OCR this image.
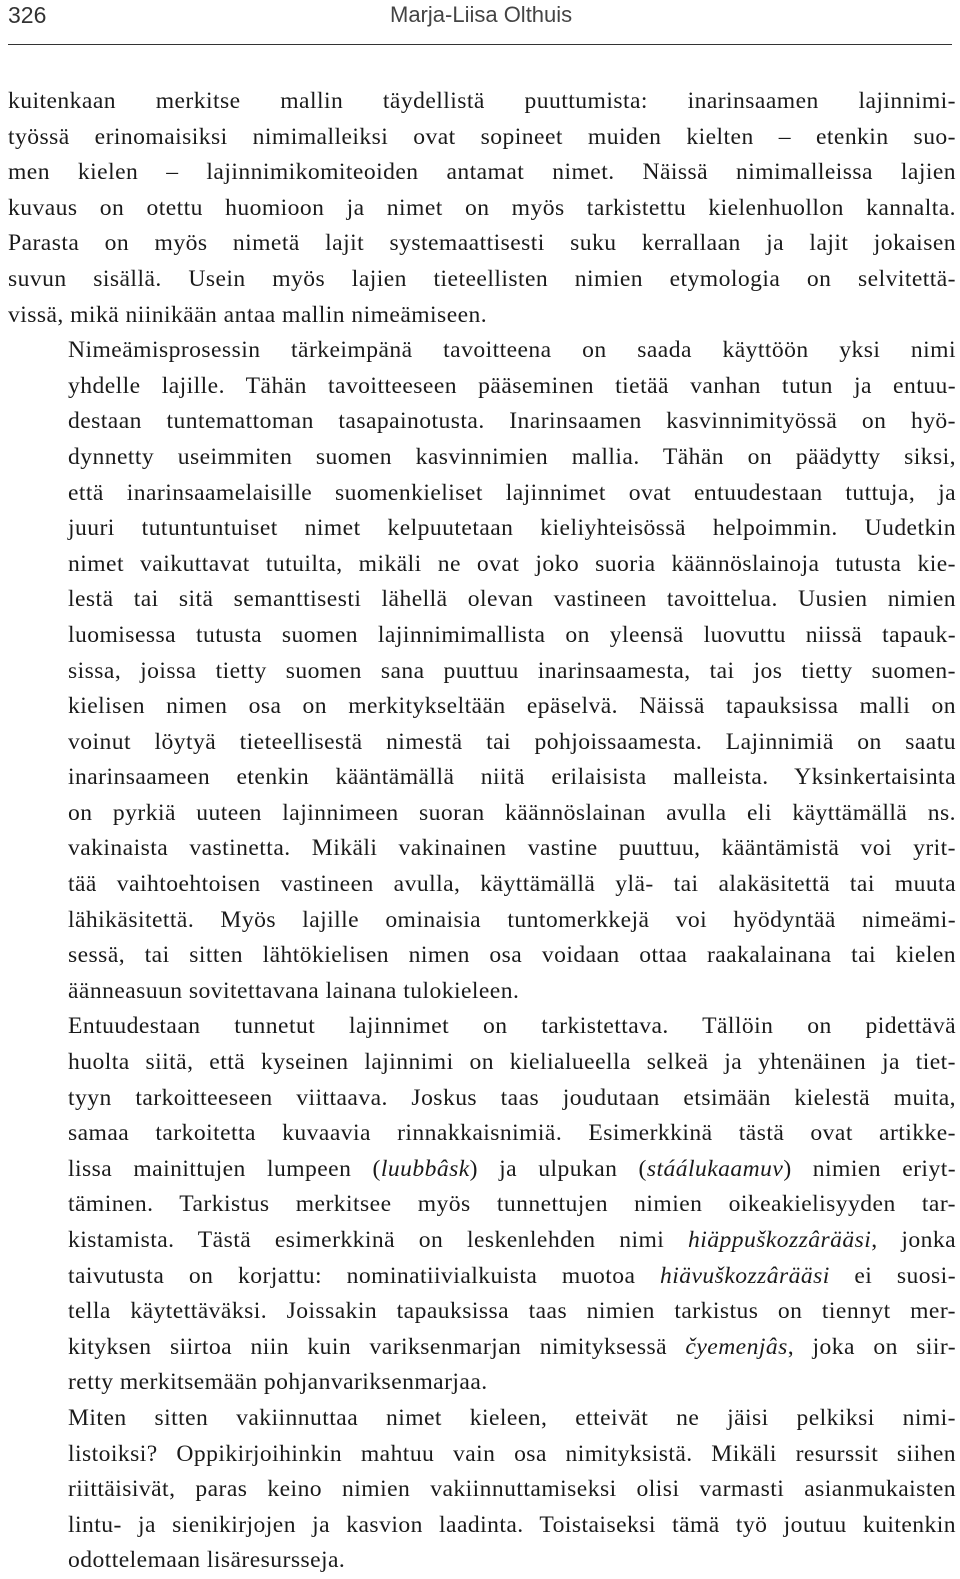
326	Marja-Liisa Olthuis

kuitenkaan merkitse mallin täydellistä puuttumista: inarinsaamen lajinnimi-
työssä erinomaisiksi nimimalleiksi ovat sopineet muiden kielten – etenkin suo-
men kielen – lajinnimikomiteoiden antamat nimet. Näissä nimimalleissa lajien
kuvaus on otettu huomioon ja nimet on myös tarkistettu kielenhuollon kannalta.
Parasta on myös nimetä lajit systemaattisesti suku kerrallaan ja lajit jokaisen
suvun sisällä. Usein myös lajien tieteellisten nimien etymologia on selvitettä-
vissä, mikä niinikään antaa mallin nimeämiseen.

Nimeämisprosessin tärkeimpänä tavoitteena on saada käyttöön yksi nimi
yhdelle lajille. Tähän tavoitteeseen pääseminen tietää vanhan tutun ja entuu-
destaan tuntemattoman tasapainotusta. Inarinsaamen kasvinnimityössä on hyö-
dynnetty useimmiten suomen kasvinnimien mallia. Tähän on päädytty siksi,
että inarinsaamelaisille suomenkieliset lajinnimet ovat entuudestaan tuttuja, ja
juuri tutuntuntuiset nimet kelpuutetaan kieliyhteisössä helpoimmin. Uudetkin
nimet vaikuttavat tutuilta, mikäli ne ovat joko suoria käännöslainoja tutusta kie-
lestä tai sitä semanttisesti lähellä olevan vastineen tavoittelua. Uusien nimien
luomisessa tutusta suomen lajinnimimallista on yleensä luovuttu niissä tapauk-
sissa, joissa tietty suomen sana puuttuu inarinsaamesta, tai jos tietty suomen-
kielisen nimen osa on merkitykseltään epäselvä. Näissä tapauksissa malli on
voinut löytyä tieteellisestä nimestä tai pohjoissaamesta. Lajinnimiä on saatu
inarinsaameen etenkin kääntämällä niitä erilaisista malleista. Yksinkertaisinta
on pyrkiä uuteen lajinnimeen suoran käännöslainan avulla eli käyttämällä ns.
vakinaista vastinetta. Mikäli vakinainen vastine puuttuu, kääntämistä voi yrit-
tää vaihtoehtoisen vastineen avulla, käyttämällä ylä- tai alakäsitettä tai muuta
lähikäsitettä. Myös lajille ominaisia tuntomerkkejä voi hyödyntää nimeämi-
sessä, tai sitten lähtökielisen nimen osa voidaan ottaa raakalainana tai kielen
äänneasuun sovitettavana lainana tulokieleen.

Entuudestaan tunnetut lajinnimet on tarkistettava. Tällöin on pidettävä
huolta siitä, että kyseinen lajinnimi on kielialueella selkeä ja yhtenäinen ja tiet-
tyyn tarkoitteeseen viittaava. Joskus taas joudutaan etsimään kielestä muita,
samaa tarkoitetta kuvaavia rinnakkaisnimiä. Esimerkkinä tästä ovat artikke-
lissa mainittujen lumpeen (luubbâsk) ja ulpukan (stáálukaamuv) nimien eriyt-
täminen. Tarkistus merkitsee myös tunnettujen nimien oikeakielisyyden tar-
kistamista. Tästä esimerkkinä on leskenlehden nimi hiäppuškozzârääsi, jonka
taivutusta on korjattu: nominatiivialkuista muotoa hiävuškozzârääsi ei suosi-
tella käytettäväksi. Joissakin tapauksissa taas nimien tarkistus on tiennyt mer-
kityksen siirtoa niin kuin variksenmarjan nimityksessä čyemenjâs, joka on siir-
retty merkitsemään pohjanvariksenmarjaa.

Miten sitten vakiinnuttaa nimet kieleen, etteivät ne jäisi pelkiksi nimi-
listoiksi? Oppikirjoihinkin mahtuu vain osa nimityksistä. Mikäli resurssit siihen
riittäisivät, paras keino nimien vakiinnuttamiseksi olisi varmasti asianmukaisten
lintu- ja sienikirjojen ja kasvion laadinta. Toistaiseksi tämä työ joutuu kuitenkin
odottelemaan lisäresursseja.
